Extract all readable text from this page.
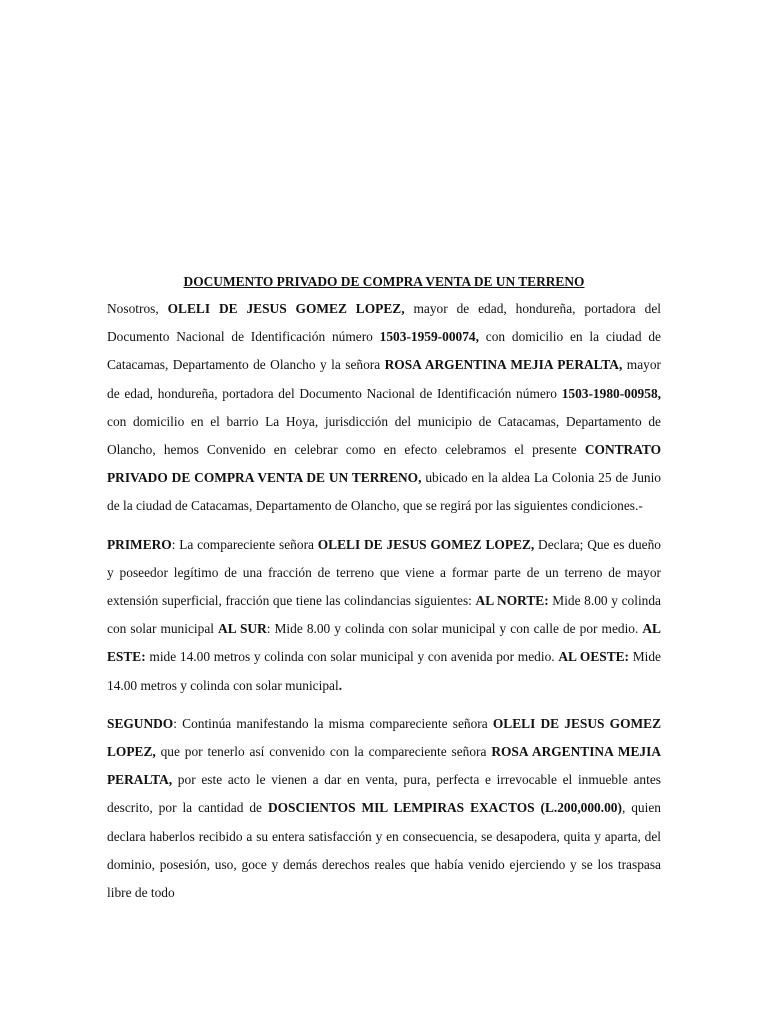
DOCUMENTO PRIVADO DE COMPRA VENTA DE UN TERRENO

Nosotros, OLELI DE JESUS GOMEZ LOPEZ, mayor de edad, hondureña, portadora del Documento Nacional de Identificación número 1503-1959-00074, con domicilio en la ciudad de Catacamas, Departamento de Olancho y la señora ROSA ARGENTINA MEJIA PERALTA, mayor de edad, hondureña, portadora del Documento Nacional de Identificación número 1503-1980-00958, con domicilio en el barrio La Hoya, jurisdicción del municipio de Catacamas, Departamento de Olancho, hemos Convenido en celebrar como en efecto celebramos el presente CONTRATO PRIVADO DE COMPRA VENTA DE UN TERRENO, ubicado en la aldea La Colonia 25 de Junio de la ciudad de Catacamas, Departamento de Olancho, que se regirá por las siguientes condiciones.-

PRIMERO: La compareciente señora OLELI DE JESUS GOMEZ LOPEZ, Declara; Que es dueño y poseedor legítimo de una fracción de terreno que viene a formar parte de un terreno de mayor extensión superficial, fracción que tiene las colindancias siguientes: AL NORTE: Mide 8.00 y colinda con solar municipal AL SUR: Mide 8.00 y colinda con solar municipal y con calle de por medio. AL ESTE: mide 14.00 metros y colinda con solar municipal y con avenida por medio. AL OESTE: Mide 14.00 metros y colinda con solar municipal.

SEGUNDO: Continúa manifestando la misma compareciente señora OLELI DE JESUS GOMEZ LOPEZ, que por tenerlo así convenido con la compareciente señora ROSA ARGENTINA MEJIA PERALTA, por este acto le vienen a dar en venta, pura, perfecta e irrevocable el inmueble antes descrito, por la cantidad de DOSCIENTOS MIL LEMPIRAS EXACTOS (L.200,000.00), quien declara haberlos recibido a su entera satisfacción y en consecuencia, se desapodera, quita y aparta, del dominio, posesión, uso, goce y demás derechos reales que había venido ejerciendo y se los traspasa libre de todo
